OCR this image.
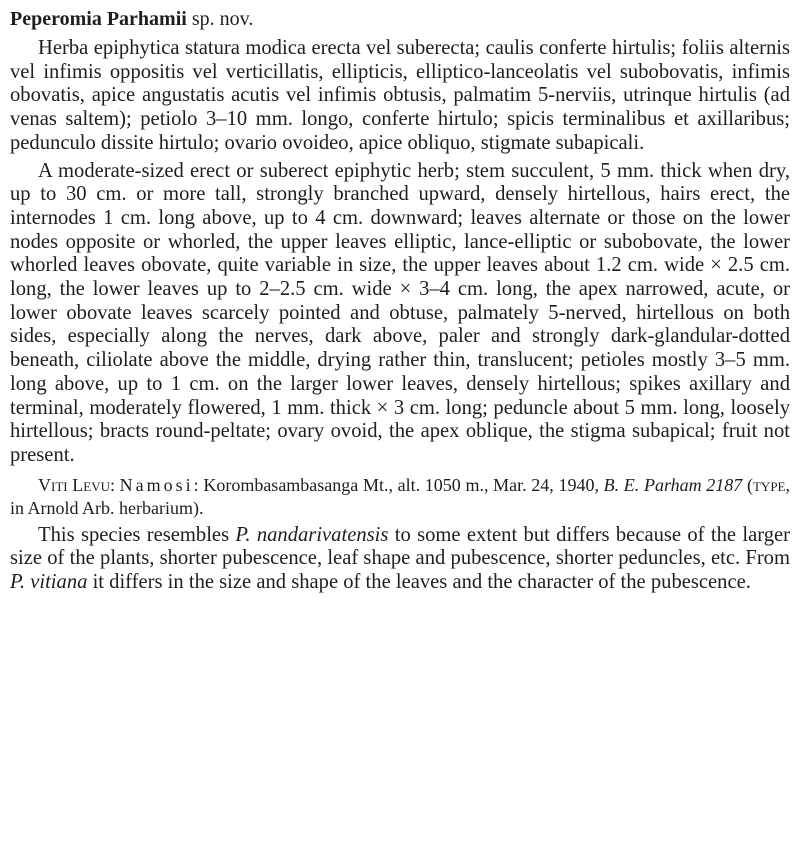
Peperomia Parhamii sp. nov.

Herba epiphytica statura modica erecta vel suberecta; caulis conferte hirtulis; foliis alternis vel infimis oppositis vel verticillatis, ellipticis, elliptico-lanceolatis vel subobovatis, infimis obovatis, apice angustatis acutis vel infimis obtusis, palmatim 5-nerviis, utrinque hirtulis (ad venas saltem); petiolo 3–10 mm. longo, conferte hirtulo; spicis terminalibus et axillaribus; pedunculo dissite hirtulo; ovario ovoideo, apice obliquo, stigmate subapicali.

A moderate-sized erect or suberect epiphytic herb; stem succulent, 5 mm. thick when dry, up to 30 cm. or more tall, strongly branched upward, densely hirtellous, hairs erect, the internodes 1 cm. long above, up to 4 cm. downward; leaves alternate or those on the lower nodes opposite or whorled, the upper leaves elliptic, lance-elliptic or subobovate, the lower whorled leaves obovate, quite variable in size, the upper leaves about 1.2 cm. wide × 2.5 cm. long, the lower leaves up to 2–2.5 cm. wide × 3–4 cm. long, the apex narrowed, acute, or lower obovate leaves scarcely pointed and obtuse, palmately 5-nerved, hirtellous on both sides, especially along the nerves, dark above, paler and strongly dark-glandular-dotted beneath, ciliolate above the middle, drying rather thin, translucent; petioles mostly 3–5 mm. long above, up to 1 cm. on the larger lower leaves, densely hirtellous; spikes axillary and terminal, moderately flowered, 1 mm. thick × 3 cm. long; peduncle about 5 mm. long, loosely hirtellous; bracts round-peltate; ovary ovoid, the apex oblique, the stigma subapical; fruit not present.

Viti Levu: Namosi: Korombasambasanga Mt., alt. 1050 m., Mar. 24, 1940, B. E. Parham 2187 (type, in Arnold Arb. herbarium).

This species resembles P. nandarivatensis to some extent but differs because of the larger size of the plants, shorter pubescence, leaf shape and pubescence, shorter peduncles, etc. From P. vitiana it differs in the size and shape of the leaves and the character of the pubescence.
